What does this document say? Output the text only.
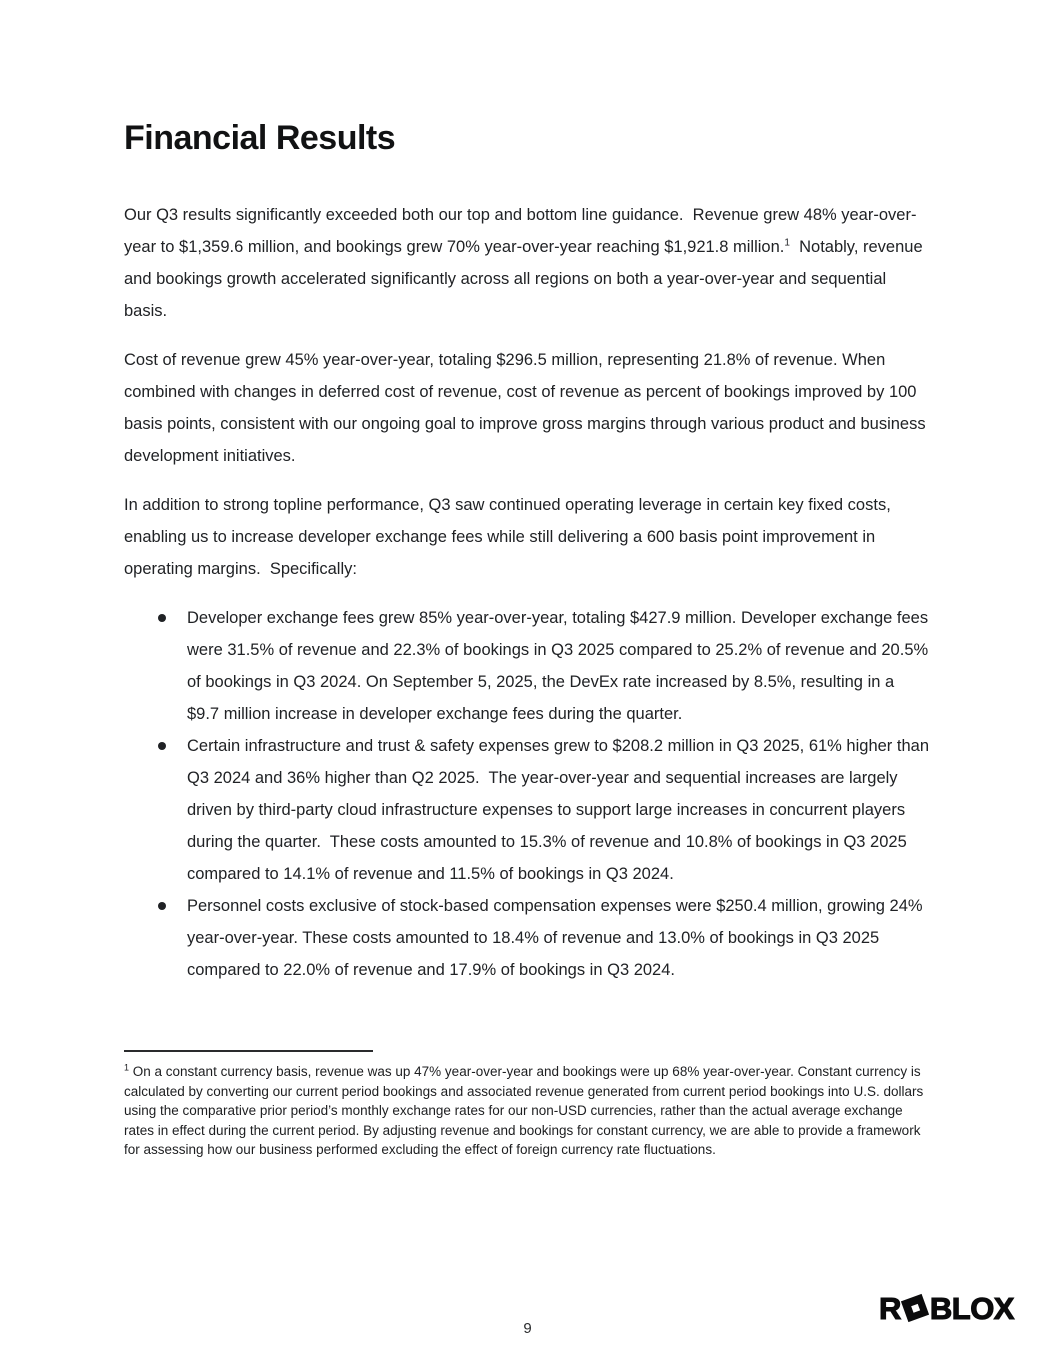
Financial Results

Our Q3 results significantly exceeded both our top and bottom line guidance.  Revenue grew 48% year-over-year to $1,359.6 million, and bookings grew 70% year-over-year reaching $1,921.8 million.$^1$  Notably, revenue and bookings growth accelerated significantly across all regions on both a year-over-year and sequential basis.

Cost of revenue grew 45% year-over-year, totaling $296.5 million, representing 21.8% of revenue. When combined with changes in deferred cost of revenue, cost of revenue as percent of bookings improved by 100 basis points, consistent with our ongoing goal to improve gross margins through various product and business development initiatives.

In addition to strong topline performance, Q3 saw continued operating leverage in certain key fixed costs, enabling us to increase developer exchange fees while still delivering a 600 basis point improvement in operating margins.  Specifically:

Developer exchange fees grew 85% year-over-year, totaling $427.9 million. Developer exchange fees were 31.5% of revenue and 22.3% of bookings in Q3 2025 compared to 25.2% of revenue and 20.5% of bookings in Q3 2024. On September 5, 2025, the DevEx rate increased by 8.5%, resulting in a $9.7 million increase in developer exchange fees during the quarter.
Certain infrastructure and trust & safety expenses grew to $208.2 million in Q3 2025, 61% higher than Q3 2024 and 36% higher than Q2 2025.  The year-over-year and sequential increases are largely driven by third-party cloud infrastructure expenses to support large increases in concurrent players during the quarter.  These costs amounted to 15.3% of revenue and 10.8% of bookings in Q3 2025 compared to 14.1% of revenue and 11.5% of bookings in Q3 2024.
Personnel costs exclusive of stock-based compensation expenses were $250.4 million, growing 24% year-over-year. These costs amounted to 18.4% of revenue and 13.0% of bookings in Q3 2025 compared to 22.0% of revenue and 17.9% of bookings in Q3 2024.

$^1$ On a constant currency basis, revenue was up 47% year-over-year and bookings were up 68% year-over-year. Constant currency is calculated by converting our current period bookings and associated revenue generated from current period bookings into U.S. dollars using the comparative prior period’s monthly exchange rates for our non-USD currencies, rather than the actual average exchange rates in effect during the current period. By adjusting revenue and bookings for constant currency, we are able to provide a framework for assessing how our business performed excluding the effect of foreign currency rate fluctuations.

9
R BLOX
